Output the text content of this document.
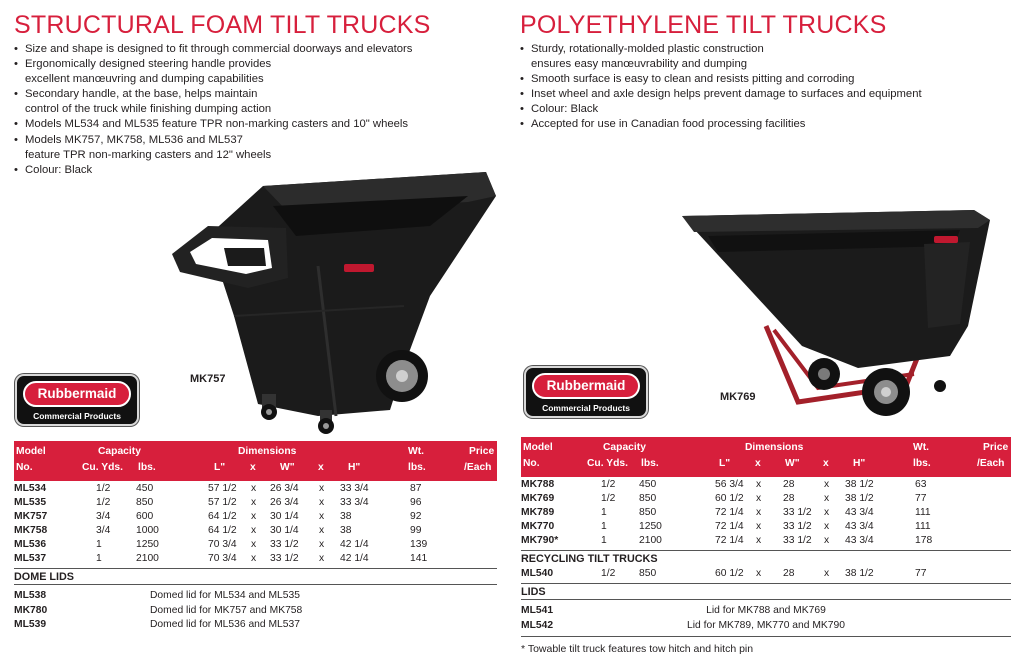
STRUCTURAL FOAM TILT TRUCKS
• Size and shape is designed to fit through commercial doorways and elevators
• Ergonomically designed steering handle provides
excellent manœuvring and dumping capabilities
• Secondary handle, at the base, helps maintain
control of the truck while finishing dumping action
• Models ML534 and ML535 feature TPR non-marking casters and 10" wheels
• Models MK757, MK758, ML536 and ML537
feature TPR non-marking casters and 12" wheels
• Colour: Black
MK757
Rubbermaid
Commercial Products
Model
No.
Capacity
Cu. Yds. lbs.
Dimensions
L" x W" x H"
Wt.
lbs.
Price
/Each
ML534	1/2 450	57 1/2 x 26 3/4 x 33 3/4	87
ML535	1/2 850	57 1/2 x 26 3/4 x 33 3/4	96
MK757	3/4 600	64 1/2 x 30 1/4 x 38	92
MK758	3/4 1000	64 1/2 x 30 1/4 x 38	99
ML536	1	1250	70 3/4 x 33 1/2 x 42 1/4	139
ML537	1	2100	70 3/4 x 33 1/2 x 42 1/4	141
DOME LIDS
ML538	Domed lid for ML534 and ML535
MK780	Domed lid for MK757 and MK758
ML539	Domed lid for ML536 and ML537
POLYETHYLENE TILT TRUCKS
• Sturdy, rotationally-molded plastic construction
ensures easy manœuvrability and dumping
• Smooth surface is easy to clean and resists pitting and corroding
• Inset wheel and axle design helps prevent damage to surfaces and equipment
• Colour: Black
• Accepted for use in Canadian food processing facilities
MK769
Rubbermaid
Commercial Products
Model
No.
Capacity
Cu. Yds. lbs.
Dimensions
L" x W" x H"
Wt.
lbs.
Price
/Each
MK788	1/2 450	56 3/4 x 28	x 38 1/2	63
MK769	1/2 850	60 1/2 x 28	x 38 1/2	77
MK789	1	850	72 1/4 x 33 1/2 x 43 3/4	111
MK770	1	1250	72 1/4 x 33 1/2 x 43 3/4	111
MK790*	1	2100	72 1/4 x 33 1/2 x 43 3/4	178
RECYCLING TILT TRUCKS
ML540	1/2 850	60 1/2 x 28	x 38 1/2	77
LIDS
ML541	Lid for MK788 and MK769
ML542	Lid for MK789, MK770 and MK790
* Towable tilt truck features tow hitch and hitch pin
